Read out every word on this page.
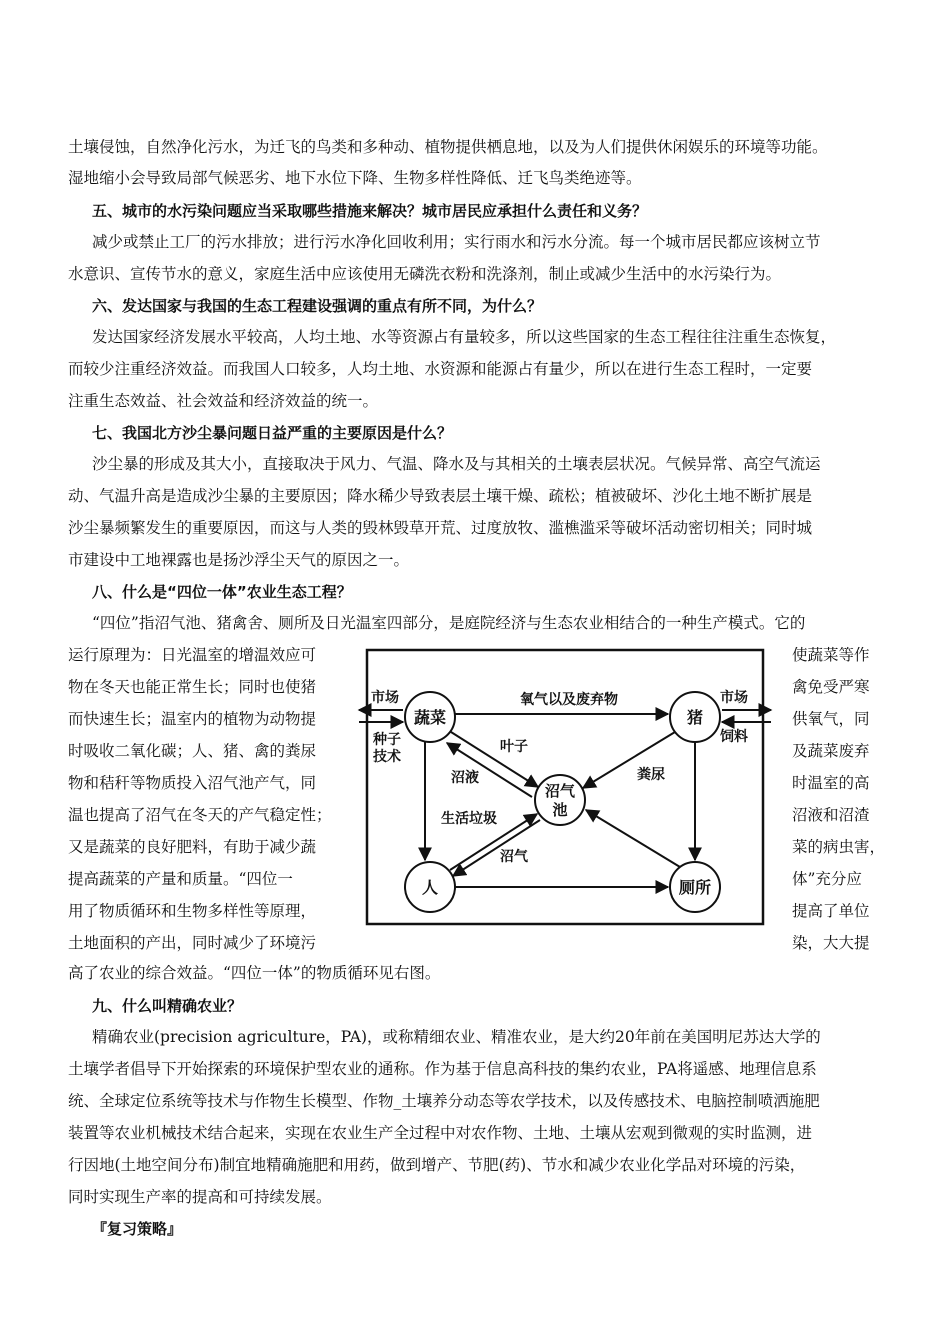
土壤侵蚀，自然净化污水，为迁飞的鸟类和多种动、植物提供栖息地，以及为人们提供休闲娱乐的环境等功能。
湿地缩小会导致局部气候恶劣、地下水位下降、生物多样性降低、迁飞鸟类绝迹等。
五、城市的水污染问题应当采取哪些措施来解决？城市居民应承担什么责任和义务？
减少或禁止工厂的污水排放；进行污水净化回收利用；实行雨水和污水分流。每一个城市居民都应该树立节
水意识、宣传节水的意义，家庭生活中应该使用无磷洗衣粉和洗涤剂，制止或减少生活中的水污染行为。
六、发达国家与我国的生态工程建设强调的重点有所不同，为什么？
发达国家经济发展水平较高，人均土地、水等资源占有量较多，所以这些国家的生态工程往往注重生态恢复，
而较少注重经济效益。而我国人口较多，人均土地、水资源和能源占有量少，所以在进行生态工程时，一定要
注重生态效益、社会效益和经济效益的统一。
七、我国北方沙尘暴问题日益严重的主要原因是什么？
沙尘暴的形成及其大小，直接取决于风力、气温、降水及与其相关的土壤表层状况。气候异常、高空气流运
动、气温升高是造成沙尘暴的主要原因；降水稀少导致表层土壤干燥、疏松；植被破坏、沙化土地不断扩展是
沙尘暴频繁发生的重要原因，而这与人类的毁林毁草开荒、过度放牧、滥樵滥采等破坏活动密切相关；同时城
市建设中工地裸露也是扬沙浮尘天气的原因之一。
八、什么是“四位一体”农业生态工程？
“四位”指沼气池、猪禽舍、厕所及日光温室四部分，是庭院经济与生态农业相结合的一种生产模式。它的
运行原理为：日光温室的增温效应可
物在冬天也能正常生长；同时也使猪
而快速生长；温室内的植物为动物提
时吸收二氧化碳；人、猪、禽的粪尿
物和秸秆等物质投入沼气池产气，同
温也提高了沼气在冬天的产气稳定性；
又是蔬菜的良好肥料，有助于减少蔬
提高蔬菜的产量和质量。“四位一
用了物质循环和生物多样性等原理，
土地面积的产出，同时减少了环境污
使蔬菜等作
禽免受严寒
供氧气，同
及蔬菜废弃
时温室的高
沼液和沼渣
菜的病虫害，
体”充分应
提高了单位
染，大大提
高了农业的综合效益。“四位一体”的物质循环见右图。
蔬菜	猪
沼气
池
人	厕所
市场
种子
技术
市场
饲料
氧气以及废弃物
叶子
沼液	粪尿
生活垃圾
沼气
九、什么叫精确农业？
精确农业(precision agriculture，PA)，或称精细农业、精准农业，是大约20年前在美国明尼苏达大学的
土壤学者倡导下开始探索的环境保护型农业的通称。作为基于信息高科技的集约农业，PA将遥感、地理信息系
统、全球定位系统等技术与作物生长模型、作物_土壤养分动态等农学技术，以及传感技术、电脑控制喷洒施肥
装置等农业机械技术结合起来，实现在农业生产全过程中对农作物、土地、土壤从宏观到微观的实时监测，进
行因地(土地空间分布)制宜地精确施肥和用药，做到增产、节肥(药)、节水和减少农业化学品对环境的污染，
同时实现生产率的提高和可持续发展。
『复习策略』
